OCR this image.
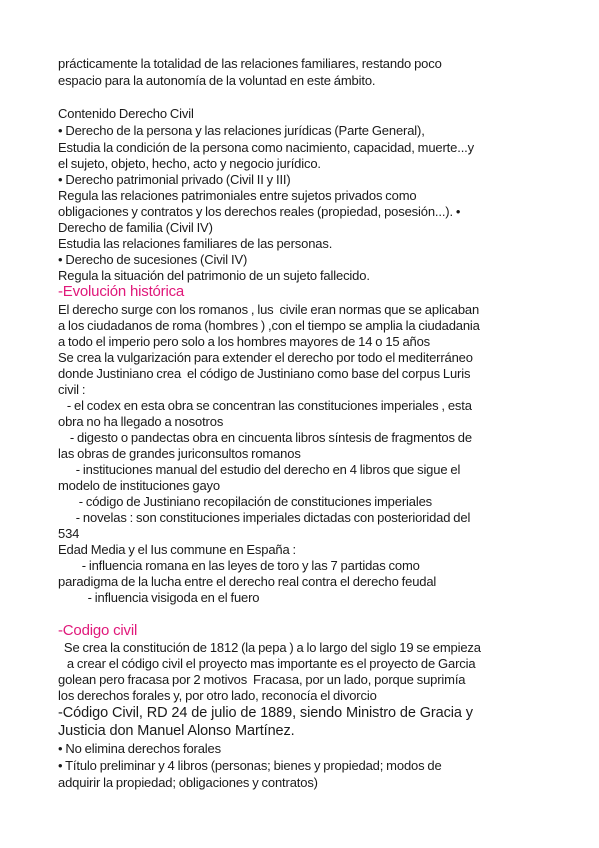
prácticamente la totalidad de las relaciones familiares, restando poco
espacio para la autonomía de la voluntad en este ámbito.
Contenido Derecho Civil
• Derecho de la persona y las relaciones jurídicas (Parte General),
Estudia la condición de la persona como nacimiento, capacidad, muerte...y
el sujeto, objeto, hecho, acto y negocio jurídico.
• Derecho patrimonial privado (Civil II y III)
Regula las relaciones patrimoniales entre sujetos privados como
obligaciones y contratos y los derechos reales (propiedad, posesión...). •
Derecho de familia (Civil IV)
Estudia las relaciones familiares de las personas.
• Derecho de sucesiones (Civil IV)
Regula la situación del patrimonio de un sujeto fallecido.
-Evolución histórica
El derecho surge con los romanos , lus  civile eran normas que se aplicaban
a los ciudadanos de roma (hombres ) ,con el tiempo se amplia la ciudadania
a todo el imperio pero solo a los hombres mayores de 14 o 15 años
Se crea la vulgarización para extender el derecho por todo el mediterráneo
donde Justiniano crea  el código de Justiniano como base del corpus Luris
civil :
- el codex en esta obra se concentran las constituciones imperiales , esta
obra no ha llegado a nosotros
- digesto o pandectas obra en cincuenta libros síntesis de fragmentos de
las obras de grandes juriconsultos romanos
- instituciones manual del estudio del derecho en 4 libros que sigue el
modelo de instituciones gayo
- código de Justiniano recopilación de constituciones imperiales
- novelas : son constituciones imperiales dictadas con posterioridad del
534
Edad Media y el Ius commune en España :
- influencia romana en las leyes de toro y las 7 partidas como
paradigma de la lucha entre el derecho real contra el derecho feudal
- influencia visigoda en el fuero
-Codigo civil
Se crea la constitución de 1812 (la pepa ) a lo largo del siglo 19 se empieza
a crear el código civil el proyecto mas importante es el proyecto de Garcia
golean pero fracasa por 2 motivos  Fracasa, por un lado, porque suprimía
los derechos forales y, por otro lado, reconocía el divorcio
-Código Civil, RD 24 de julio de 1889, siendo Ministro de Gracia y
Justicia don Manuel Alonso Martínez.
• No elimina derechos forales
• Título preliminar y 4 libros (personas; bienes y propiedad; modos de
adquirir la propiedad; obligaciones y contratos)
